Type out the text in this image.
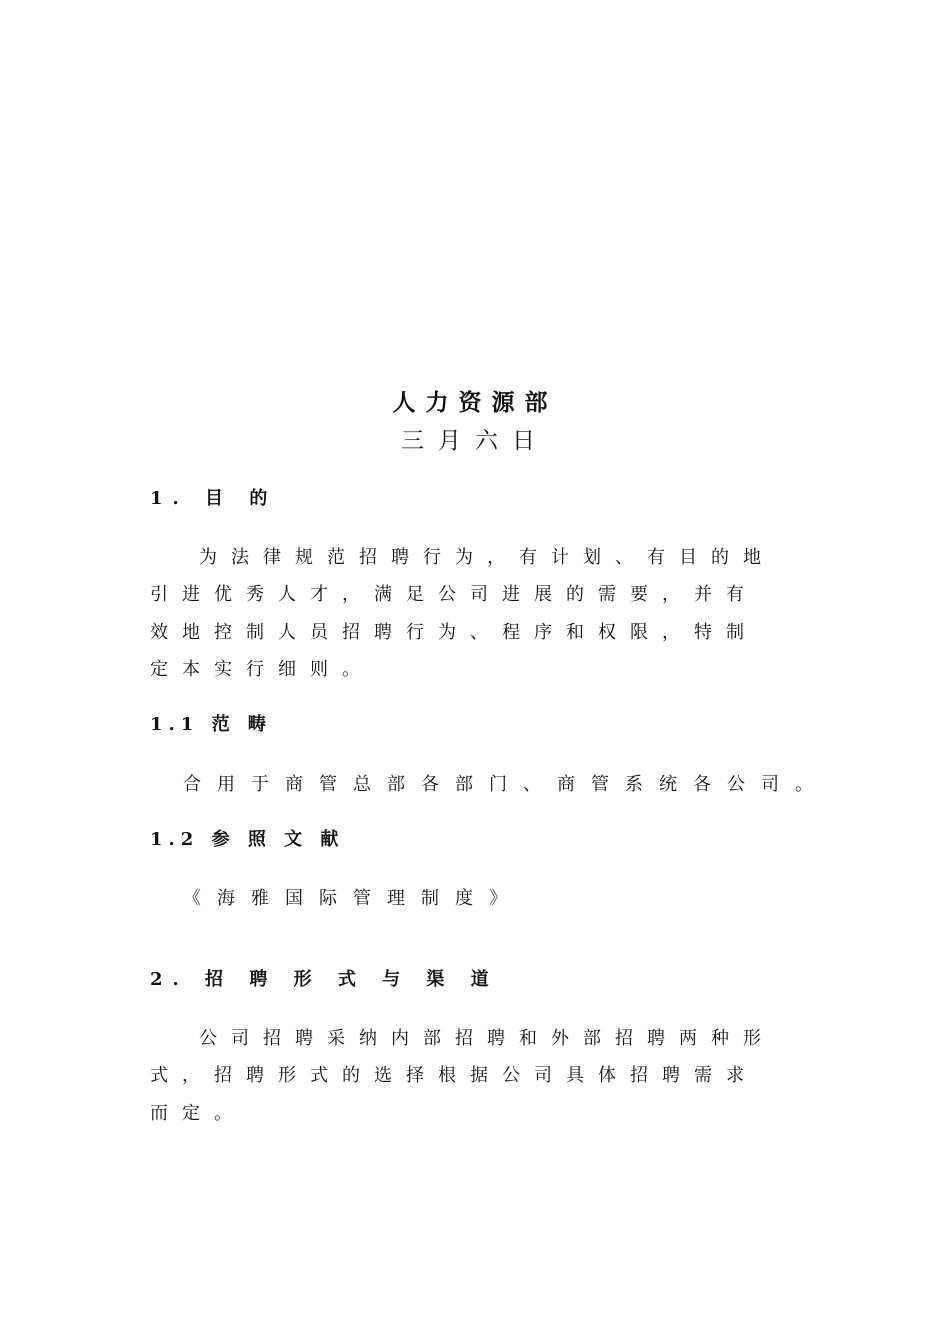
人力资源部
三月六日
1. 目 的
为法律规范招聘行为，有计划、有目的地
引进优秀人才，满足公司进展的需要，并有
效地控制人员招聘行为、程序和权限，特制
定本实行细则。
1.1 范 畴
合用于商管总部各部门、商管系统各公司。
1.2 参 照 文 献
《海雅国际管理制度》
2. 招 聘 形 式 与 渠 道
公司招聘采纳内部招聘和外部招聘两种形
式，招聘形式的选择根据公司具体招聘需求
而定。
